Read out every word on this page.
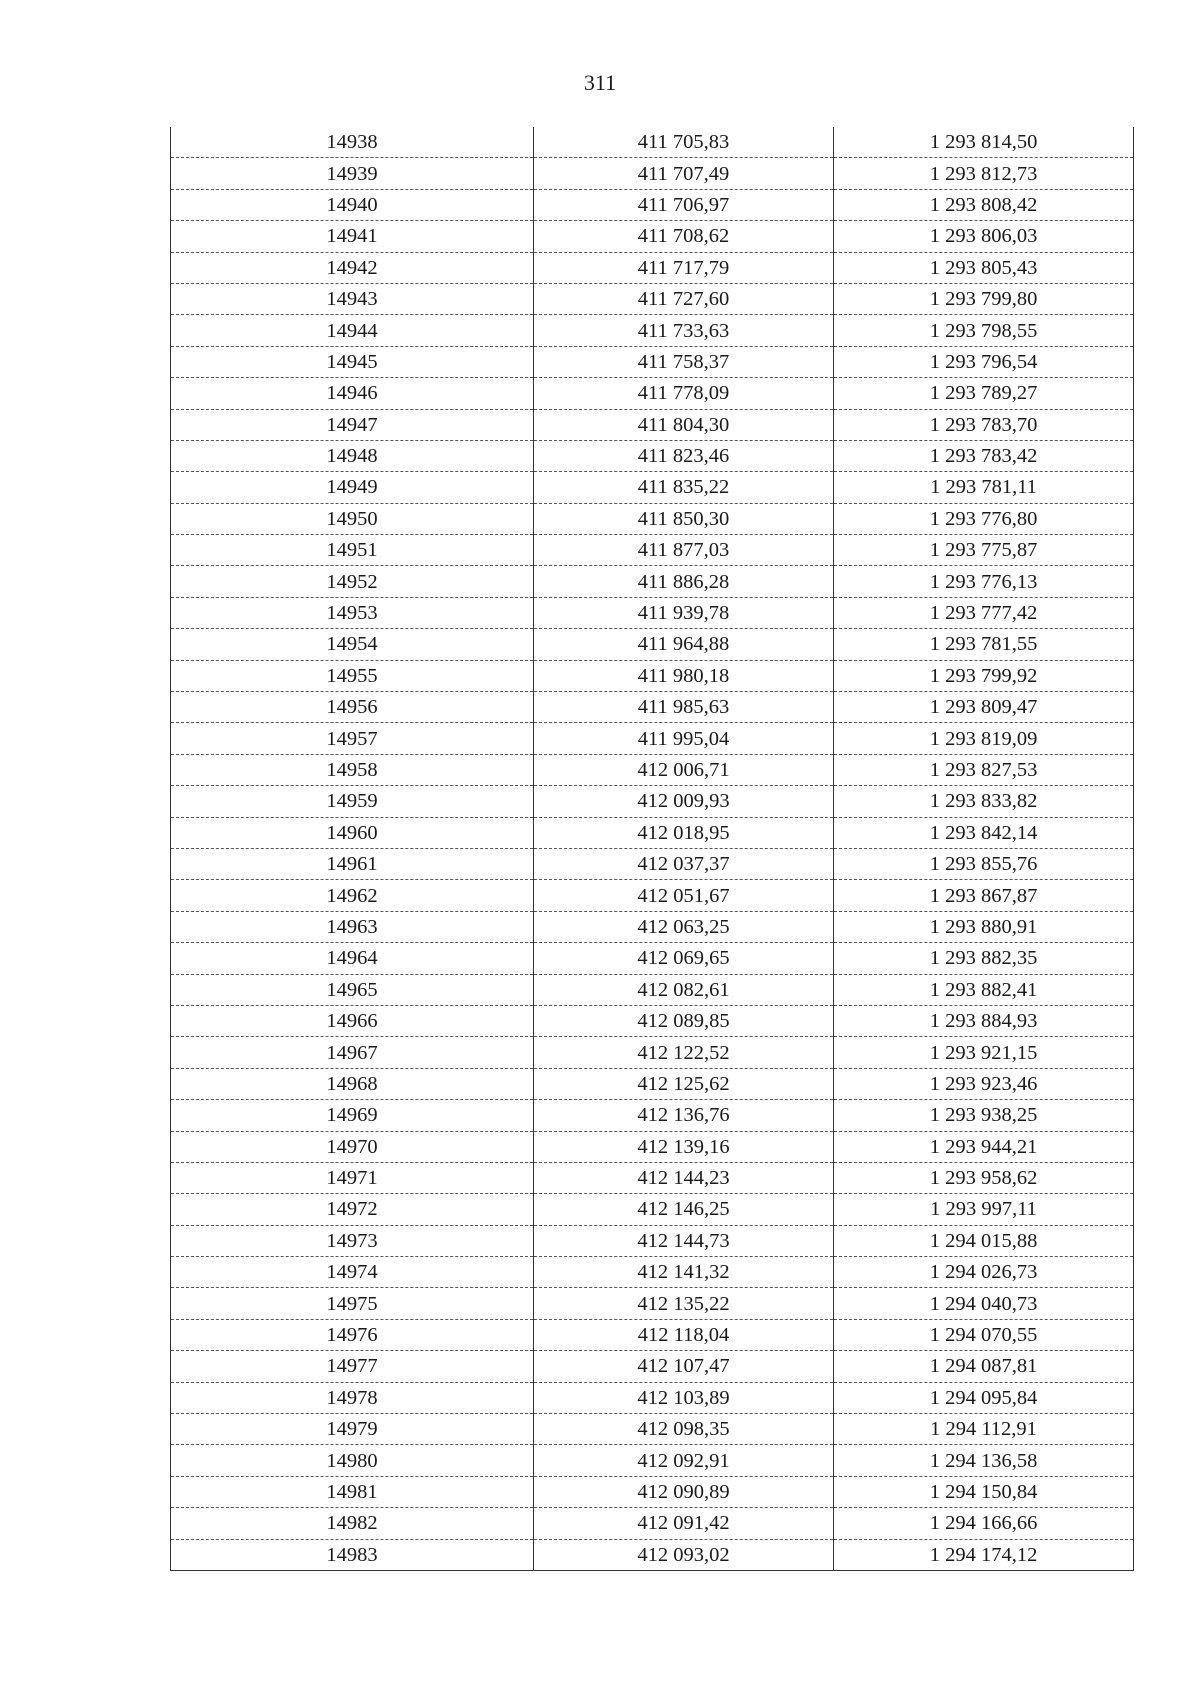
311
14938	411 705,83	1 293 814,50
14939	411 707,49	1 293 812,73
14940	411 706,97	1 293 808,42
14941	411 708,62	1 293 806,03
14942	411 717,79	1 293 805,43
14943	411 727,60	1 293 799,80
14944	411 733,63	1 293 798,55
14945	411 758,37	1 293 796,54
14946	411 778,09	1 293 789,27
14947	411 804,30	1 293 783,70
14948	411 823,46	1 293 783,42
14949	411 835,22	1 293 781,11
14950	411 850,30	1 293 776,80
14951	411 877,03	1 293 775,87
14952	411 886,28	1 293 776,13
14953	411 939,78	1 293 777,42
14954	411 964,88	1 293 781,55
14955	411 980,18	1 293 799,92
14956	411 985,63	1 293 809,47
14957	411 995,04	1 293 819,09
14958	412 006,71	1 293 827,53
14959	412 009,93	1 293 833,82
14960	412 018,95	1 293 842,14
14961	412 037,37	1 293 855,76
14962	412 051,67	1 293 867,87
14963	412 063,25	1 293 880,91
14964	412 069,65	1 293 882,35
14965	412 082,61	1 293 882,41
14966	412 089,85	1 293 884,93
14967	412 122,52	1 293 921,15
14968	412 125,62	1 293 923,46
14969	412 136,76	1 293 938,25
14970	412 139,16	1 293 944,21
14971	412 144,23	1 293 958,62
14972	412 146,25	1 293 997,11
14973	412 144,73	1 294 015,88
14974	412 141,32	1 294 026,73
14975	412 135,22	1 294 040,73
14976	412 118,04	1 294 070,55
14977	412 107,47	1 294 087,81
14978	412 103,89	1 294 095,84
14979	412 098,35	1 294 112,91
14980	412 092,91	1 294 136,58
14981	412 090,89	1 294 150,84
14982	412 091,42	1 294 166,66
14983	412 093,02	1 294 174,12
